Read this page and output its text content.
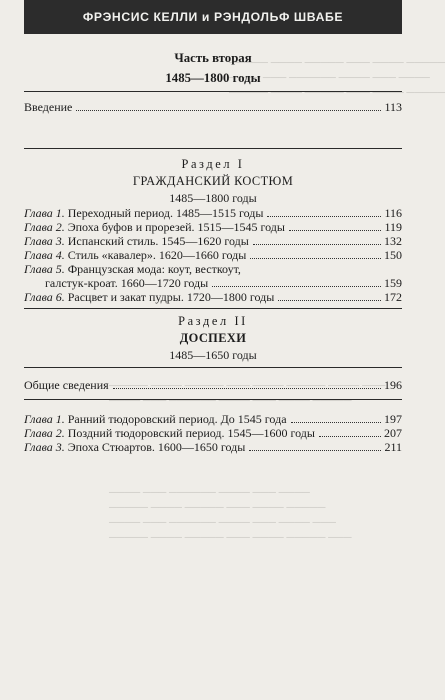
ФРЭНСИС КЕЛЛИ и РЭНДОЛЬФ ШВАБЕ
───── ──── ───── ─── ──── ─────
──── ─── ────── ──── ─── ────
───── ──── ───── ─── ──── ─────
───── ──── ───── ─── ──── ───── ──── ───
──── ─── ────── ──── ─── ──── ─────
───── ──── ───── ─── ──── ───── ───
──── ─── ────── ──── ─── ──── ───
───── ──── ───── ─── ──── ─────
──── ─── ────── ──── ─── ────
Часть вторая
1485—1800 годы
Введение	113
Раздел I
ГРАЖДАНСКИЙ КОСТЮМ
1485—1800 годы
Глава 1. Переходный период. 1485—1515 годы	116
Глава 2. Эпоха буфов и прорезей. 1515—1545 годы	119
Глава 3. Испанский стиль. 1545—1620 годы	132
Глава 4. Стиль «кавалер». 1620—1660 годы	150
Глава 5. Французская мода: коут, весткоут,
галстук-кроат. 1660—1720 годы	159
Глава 6. Расцвет и закат пудры. 1720—1800 годы	172
Раздел II
ДОСПЕХИ
1485—1650 годы
Общие сведения	196
Глава 1. Ранний тюдоровский период. До 1545 года	197
Глава 2. Поздний тюдоровский период. 1545—1600 годы	207
Глава 3. Эпоха Стюартов. 1600—1650 годы	211
